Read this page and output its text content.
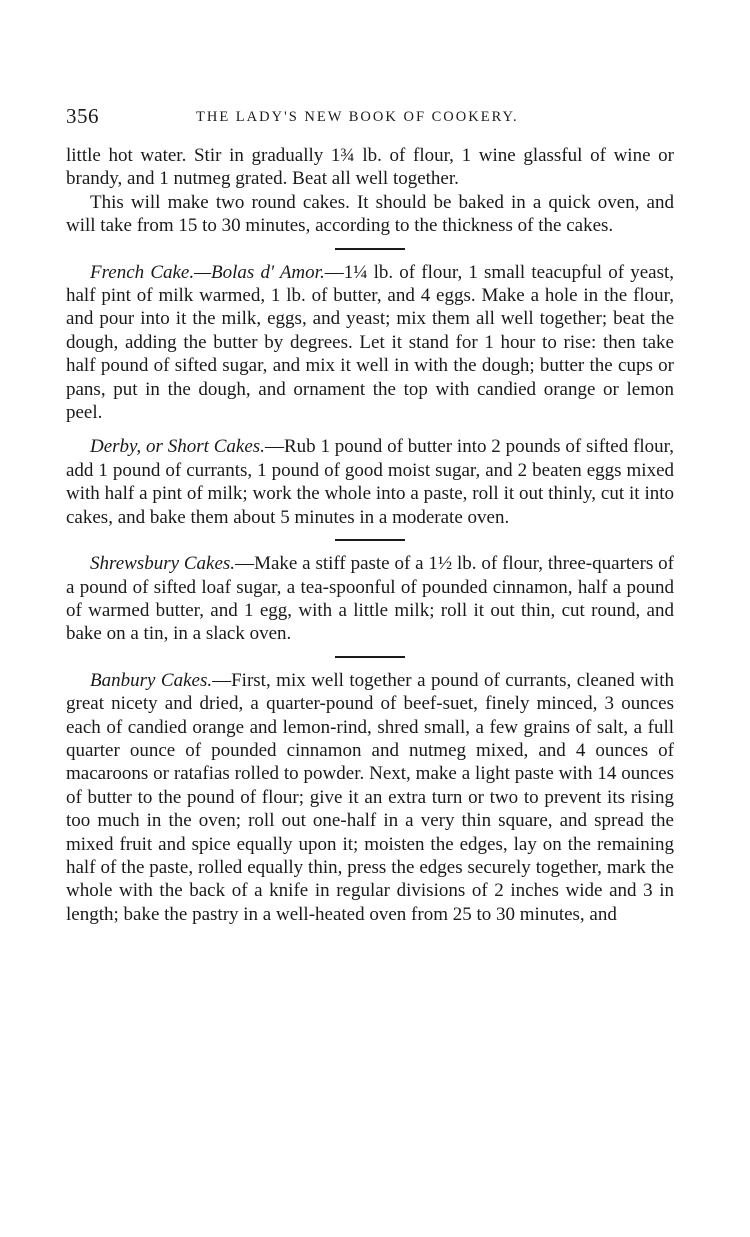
356	THE LADY'S NEW BOOK OF COOKERY.

little hot water. Stir in gradually 1¾ lb. of flour, 1 wine glassful of wine or brandy, and 1 nutmeg grated. Beat all well together.

This will make two round cakes. It should be baked in a quick oven, and will take from 15 to 30 minutes, according to the thickness of the cakes.

French Cake.—Bolas d' Amor.—1¼ lb. of flour, 1 small teacupful of yeast, half pint of milk warmed, 1 lb. of butter, and 4 eggs. Make a hole in the flour, and pour into it the milk, eggs, and yeast; mix them all well together; beat the dough, adding the butter by degrees. Let it stand for 1 hour to rise: then take half pound of sifted sugar, and mix it well in with the dough; butter the cups or pans, put in the dough, and ornament the top with candied orange or lemon peel.

Derby, or Short Cakes.—Rub 1 pound of butter into 2 pounds of sifted flour, add 1 pound of currants, 1 pound of good moist sugar, and 2 beaten eggs mixed with half a pint of milk; work the whole into a paste, roll it out thinly, cut it into cakes, and bake them about 5 minutes in a moderate oven.

Shrewsbury Cakes.—Make a stiff paste of a 1½ lb. of flour, three-quarters of a pound of sifted loaf sugar, a tea-spoonful of pounded cinnamon, half a pound of warmed butter, and 1 egg, with a little milk; roll it out thin, cut round, and bake on a tin, in a slack oven.

Banbury Cakes.—First, mix well together a pound of currants, cleaned with great nicety and dried, a quarter-pound of beef-suet, finely minced, 3 ounces each of candied orange and lemon-rind, shred small, a few grains of salt, a full quarter ounce of pounded cinnamon and nutmeg mixed, and 4 ounces of macaroons or ratafias rolled to powder. Next, make a light paste with 14 ounces of butter to the pound of flour; give it an extra turn or two to prevent its rising too much in the oven; roll out one-half in a very thin square, and spread the mixed fruit and spice equally upon it; moisten the edges, lay on the remaining half of the paste, rolled equally thin, press the edges securely together, mark the whole with the back of a knife in regular divisions of 2 inches wide and 3 in length; bake the pastry in a well-heated oven from 25 to 30 minutes, and
